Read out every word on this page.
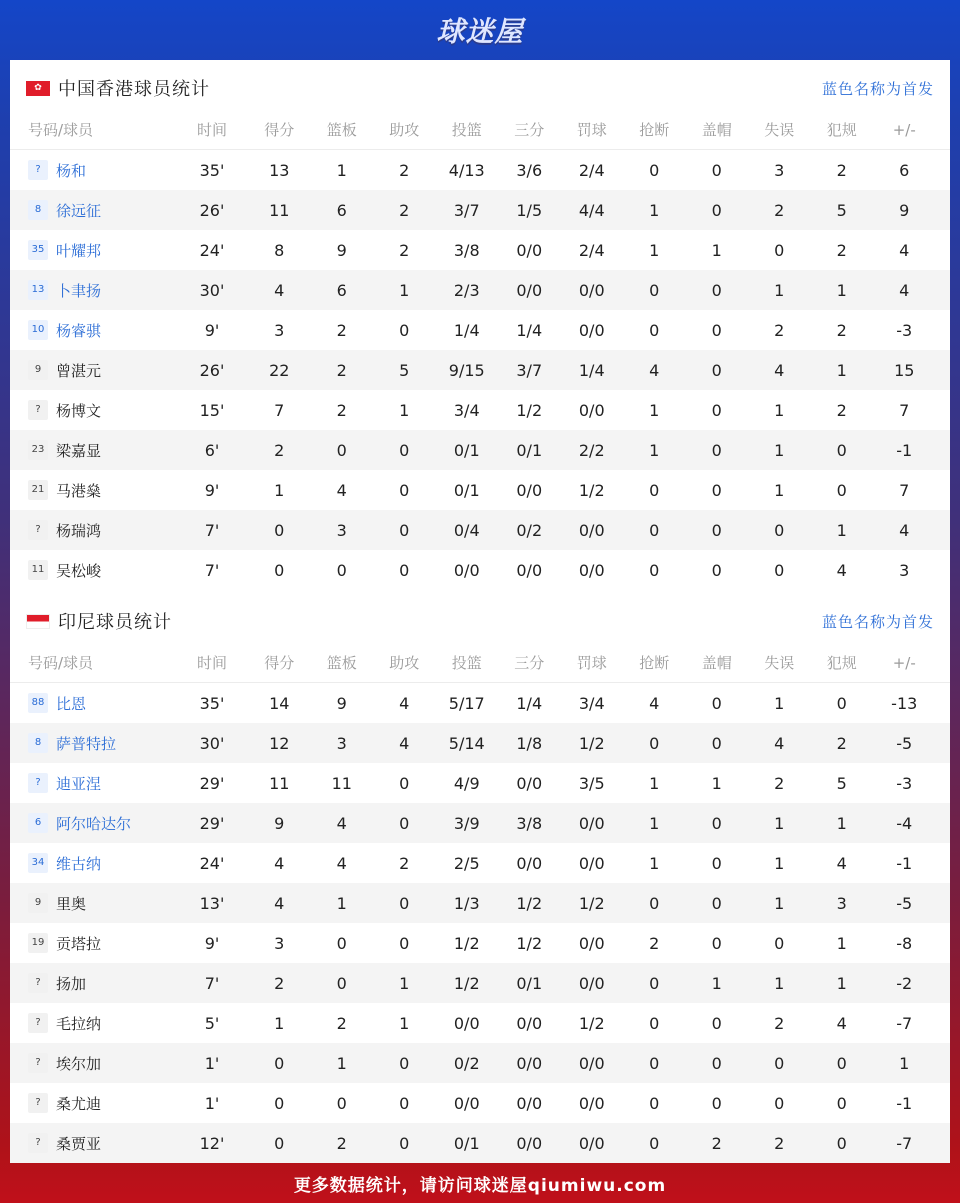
球迷屋
✿ 中国香港球员统计	蓝色名称为首发
号码/球员	时间	得分	篮板	助攻	投篮	三分	罚球	抢断	盖帽	失误	犯规	+/-
?	杨和	35'	13	1	2	4/13	3/6	2/4	0	0	3	2	6
8 徐远征	26'	11	6	2	3/7	1/5	4/4	1	0	2	5	9
35 叶耀邦	24'	8	9	2	3/8	0/0	2/4	1	1	0	2	4
13 卜聿扬	30'	4	6	1	2/3	0/0	0/0	0	0	1	1	4
10 杨睿骐	9'	3	2	0	1/4	1/4	0/0	0	0	2	2	-3
9 曾湛元	26'	22	2	5	9/15	3/7	1/4	4	0	4	1	15
?	杨博文	15'	7	2	1	3/4	1/2	0/0	1	0	1	2	7
23 梁嘉显	6'	2	0	0	0/1	0/1	2/2	1	0	1	0	-1
21 马港燊	9'	1	4	0	0/1	0/0	1/2	0	0	1	0	7
?	杨瑞鸿	7'	0	3	0	0/4	0/2	0/0	0	0	0	1	4
11 吴松峻	7'	0	0	0	0/0	0/0	0/0	0	0	0	4	3
印尼球员统计	蓝色名称为首发
号码/球员	时间	得分	篮板	助攻	投篮	三分	罚球	抢断	盖帽	失误	犯规	+/-
88 比恩	35'	14	9	4	5/17	1/4	3/4	4	0	1	0	-13
8 萨普特拉	30'	12	3	4	5/14	1/8	1/2	0	0	4	2	-5
?	迪亚涅	29'	11	11	0	4/9	0/0	3/5	1	1	2	5	-3
6 阿尔哈达尔	29'	9	4	0	3/9	3/8	0/0	1	0	1	1	-4
34 维古纳	24'	4	4	2	2/5	0/0	0/0	1	0	1	4	-1
9 里奥	13'	4	1	0	1/3	1/2	1/2	0	0	1	3	-5
19 贡塔拉	9'	3	0	0	1/2	1/2	0/0	2	0	0	1	-8
?	扬加	7'	2	0	1	1/2	0/1	0/0	0	1	1	1	-2
?	毛拉纳	5'	1	2	1	0/0	0/0	1/2	0	0	2	4	-7
?	埃尔加	1'	0	1	0	0/2	0/0	0/0	0	0	0	0	1
?	桑尤迪	1'	0	0	0	0/0	0/0	0/0	0	0	0	0	-1
?	桑贾亚	12'	0	2	0	0/1	0/0	0/0	0	2	2	0	-7
更多数据统计，请访问球迷屋qiumiwu.com
